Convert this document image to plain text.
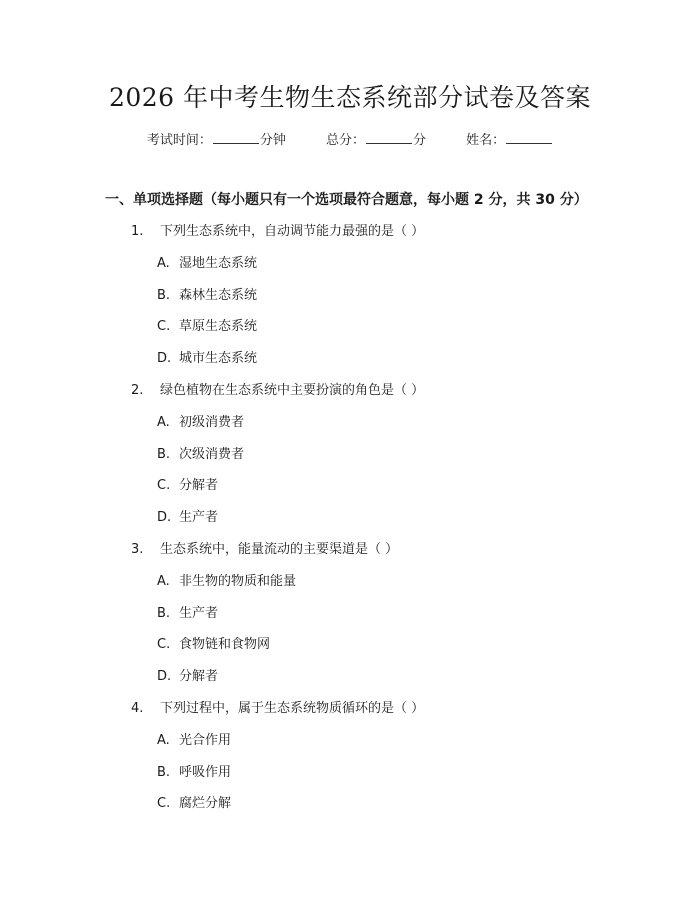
2026 年中考生物生态系统部分试卷及答案
考试时间：	分钟	总分：	分	姓名：
一、单项选择题（每小题只有一个选项最符合题意，每小题 2 分，共 30 分）
1. 下列生态系统中，自动调节能力最强的是（ ）
A. 湿地生态系统
B. 森林生态系统
C. 草原生态系统
D. 城市生态系统
2. 绿色植物在生态系统中主要扮演的角色是（ ）
A. 初级消费者
B. 次级消费者
C. 分解者
D. 生产者
3. 生态系统中，能量流动的主要渠道是（ ）
A. 非生物的物质和能量
B. 生产者
C. 食物链和食物网
D. 分解者
4. 下列过程中，属于生态系统物质循环的是（ ）
A. 光合作用
B. 呼吸作用
C. 腐烂分解
